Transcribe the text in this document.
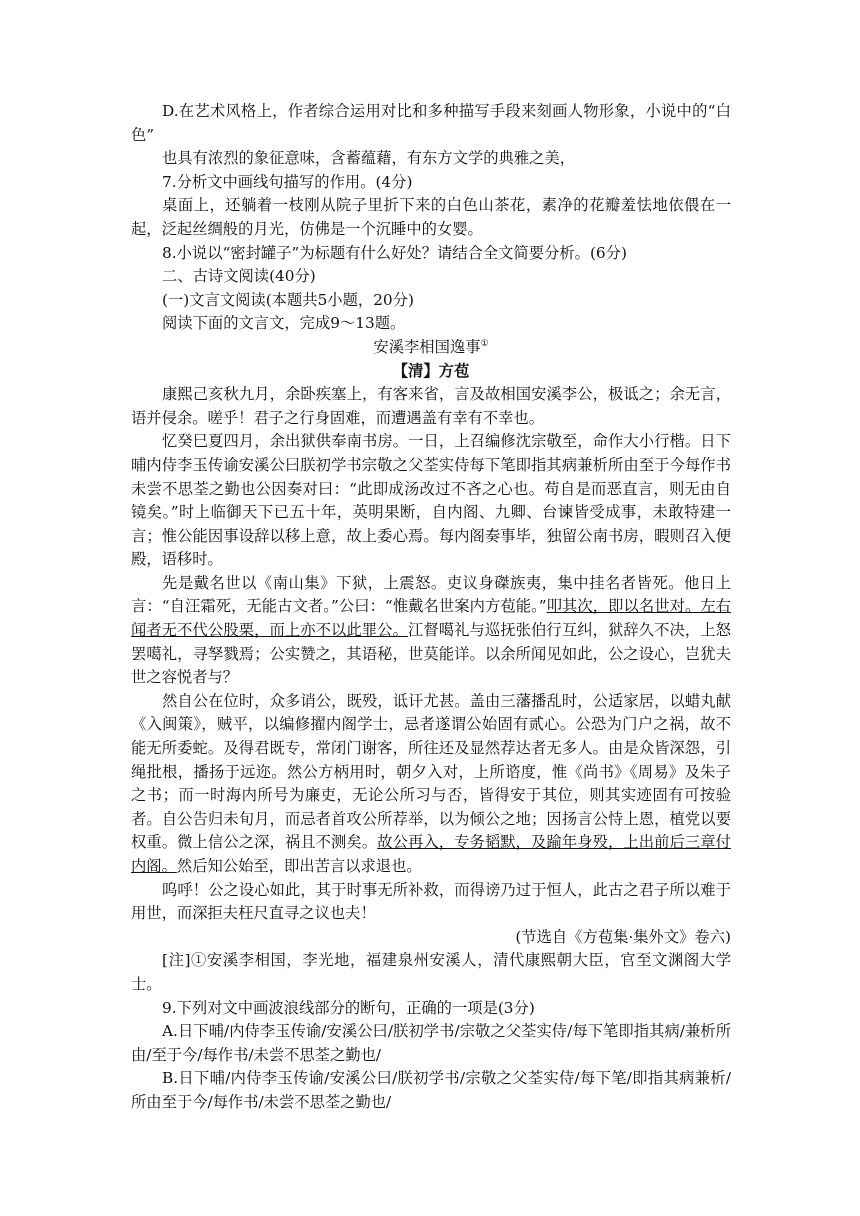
D.在艺术风格上，作者综合运用对比和多种描写手段来刻画人物形象，小说中的“白色”

也具有浓烈的象征意味，含蓄蕴藉，有东方文学的典雅之美，

7.分析文中画线句描写的作用。(4分)

桌面上，还躺着一枝刚从院子里折下来的白色山茶花，素净的花瓣羞怯地依偎在一起，泛起丝绸般的月光，仿佛是一个沉睡中的女婴。

8.小说以“密封罐子”为标题有什么好处？请结合全文简要分析。(6分)

二、古诗文阅读(40分)

(一)文言文阅读(本题共5小题，20分)

阅读下面的文言文，完成9～13题。

安溪李相国逸事①

【清】方苞

康熙己亥秋九月，余卧疾塞上，有客来省，言及故相国安溪李公，极诋之；余无言，语并侵余。嗟乎！君子之行身固难，而遭遇盖有幸有不幸也。

忆癸巳夏四月，余出狱供奉南书房。一日，上召编修沈宗敬至，命作大小行楷。日下晡内侍李玉传谕安溪公曰朕初学书宗敬之父荃实侍每下笔即指其病兼析所由至于今每作书未尝不思荃之勤也公因奏对曰：“此即成汤改过不吝之心也。苟自是而恶直言，则无由自镜矣。”时上临御天下已五十年，英明果断，自内阁、九卿、台谏皆受成事，未敢特建一言；惟公能因事设辞以移上意，故上委心焉。每内阁奏事毕，独留公南书房，暇则召入便殿，语移时。

先是戴名世以《南山集》下狱，上震怒。吏议身磔族夷，集中挂名者皆死。他日上言：“自汪霜死，无能古文者。”公曰：“惟戴名世案内方苞能。”叩其次，即以名世对。左右闻者无不代公股栗，而上亦不以此罪公。江督噶礼与巡抚张伯行互纠，狱辞久不决，上怒罢噶礼，寻孥戮焉；公实赞之，其语秘，世莫能详。以余所闻见如此，公之设心，岂犹夫世之容悦者与？

然自公在位时，众多诮公，既殁，诋讦尤甚。盖由三藩播乱时，公适家居，以蜡丸献《入闽策》，贼平，以编修擢内阁学士，忌者遂谓公始固有贰心。公恐为门户之祸，故不能无所委蛇。及得君既专，常闭门谢客，所往还及显然荐达者无多人。由是众皆深怨，引绳批根，播扬于远迩。然公方柄用时，朝夕入对，上所谘度，惟《尚书》《周易》及朱子之书；而一时海内所号为廉吏，无论公所习与否，皆得安于其位，则其实迹固有可按验者。自公告归未旬月，而忌者首攻公所荐举，以为倾公之地；因扬言公恃上恩，植党以要权重。微上信公之深，祸且不测矣。故公再入，专务韬默，及踰年身殁，上出前后三章付内阁。然后知公始至，即出苦言以求退也。

呜呼！公之设心如此，其于时事无所补救，而得谤乃过于恒人，此古之君子所以难于用世，而深拒夫枉尺直寻之议也夫！

(节选自《方苞集·集外文》卷六)

[注]①安溪李相国，李光地，福建泉州安溪人，清代康熙朝大臣，官至文渊阁大学士。

9.下列对文中画波浪线部分的断句，正确的一项是(3分)

A.日下晡/内侍李玉传谕/安溪公曰/朕初学书/宗敬之父荃实侍/每下笔即指其病/兼析所由/至于今/每作书/未尝不思荃之勤也/

B.日下晡/内侍李玉传谕/安溪公曰/朕初学书/宗敬之父荃实侍/每下笔/即指其病兼析/所由至于今/每作书/未尝不思荃之勤也/
